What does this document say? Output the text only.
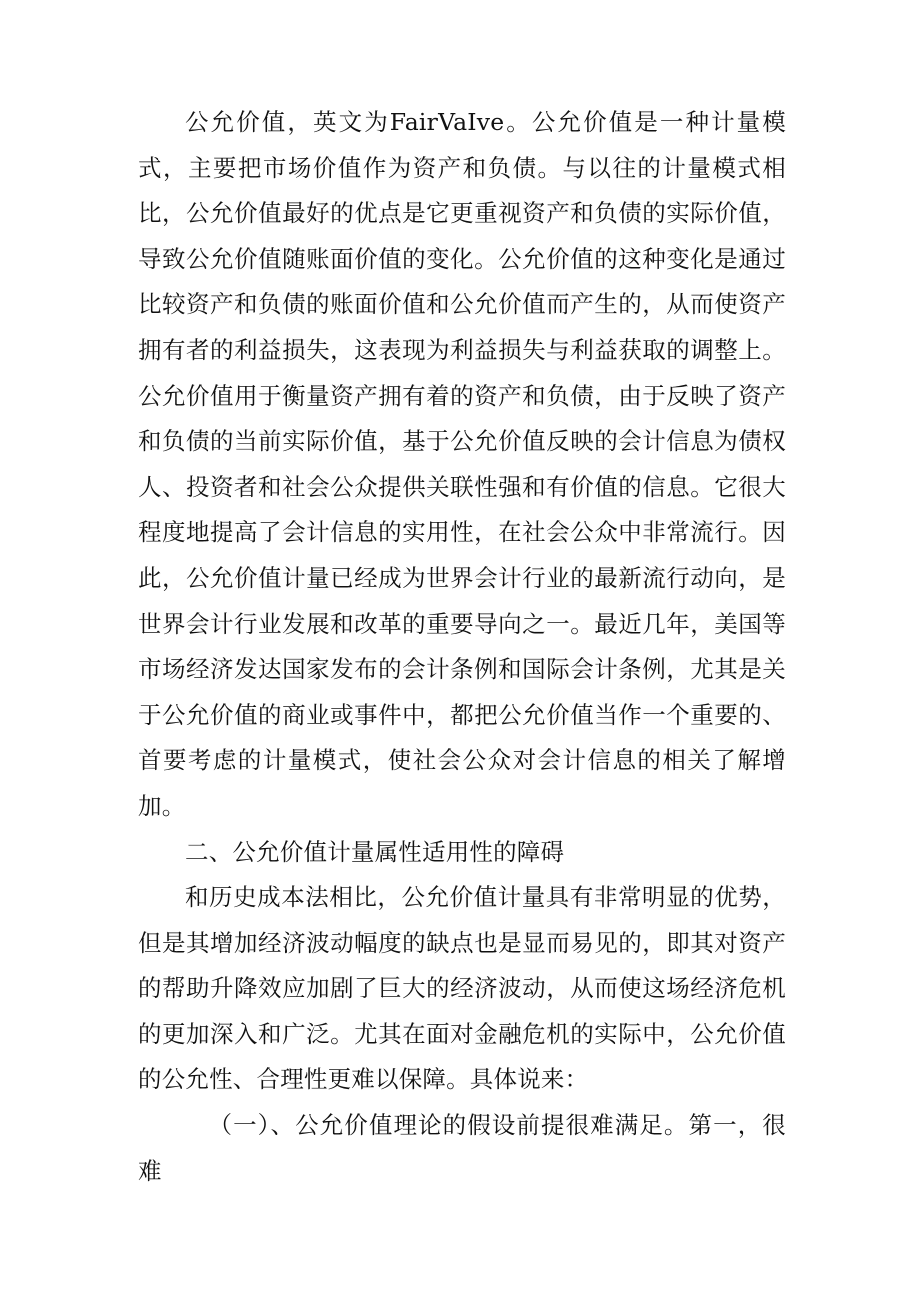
公允价值，英文为FairVaIve。公允价值是一种计量模式，主要把市场价值作为资产和负债。与以往的计量模式相比，公允价值最好的优点是它更重视资产和负债的实际价值，导致公允价值随账面价值的变化。公允价值的这种变化是通过比较资产和负债的账面价值和公允价值而产生的，从而使资产拥有者的利益损失，这表现为利益损失与利益获取的调整上。公允价值用于衡量资产拥有着的资产和负债，由于反映了资产和负债的当前实际价值，基于公允价值反映的会计信息为债权人、投资者和社会公众提供关联性强和有价值的信息。它很大程度地提高了会计信息的实用性，在社会公众中非常流行。因此，公允价值计量已经成为世界会计行业的最新流行动向，是世界会计行业发展和改革的重要导向之一。最近几年，美国等市场经济发达国家发布的会计条例和国际会计条例，尤其是关于公允价值的商业或事件中，都把公允价值当作一个重要的、首要考虑的计量模式，使社会公众对会计信息的相关了解增加。

二、公允价值计量属性适用性的障碍

和历史成本法相比，公允价值计量具有非常明显的优势，但是其增加经济波动幅度的缺点也是显而易见的，即其对资产的帮助升降效应加剧了巨大的经济波动，从而使这场经济危机的更加深入和广泛。尤其在面对金融危机的实际中，公允价值的公允性、合理性更难以保障。具体说来：

（一）、公允价值理论的假设前提很难满足。第一，很难
